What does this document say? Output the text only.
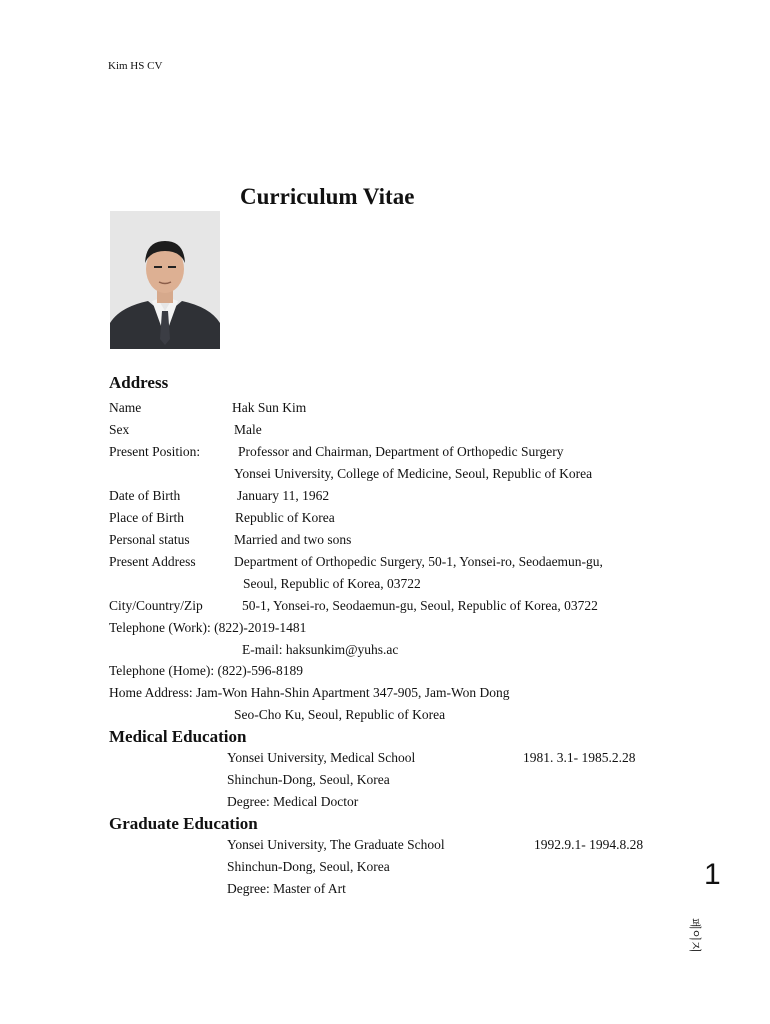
Kim HS CV
Curriculum Vitae
Address
Name	Hak Sun Kim
Sex	Male
Present Position:	Professor and Chairman, Department of Orthopedic Surgery
Yonsei University, College of Medicine, Seoul, Republic of Korea
Date of Birth	January 11, 1962
Place of Birth	Republic of Korea
Personal status	Married and two sons
Present Address	Department of Orthopedic Surgery, 50-1, Yonsei-ro, Seodaemun-gu,
Seoul, Republic of Korea, 03722
City/Country/Zip	50-1, Yonsei-ro, Seodaemun-gu, Seoul, Republic of Korea, 03722
Telephone (Work): (822)-2019-1481
E-mail: haksunkim@yuhs.ac
Telephone (Home): (822)-596-8189
Home Address: Jam-Won Hahn-Shin Apartment 347-905, Jam-Won Dong
Seo-Cho Ku, Seoul, Republic of Korea
Medical Education
Yonsei University, Medical School	1981. 3.1- 1985.2.28
Shinchun-Dong, Seoul, Korea
Degree: Medical Doctor
Graduate Education
Yonsei University, The Graduate School	1992.9.1- 1994.8.28
Shinchun-Dong, Seoul, Korea
Degree: Master of Art	1
페이지
